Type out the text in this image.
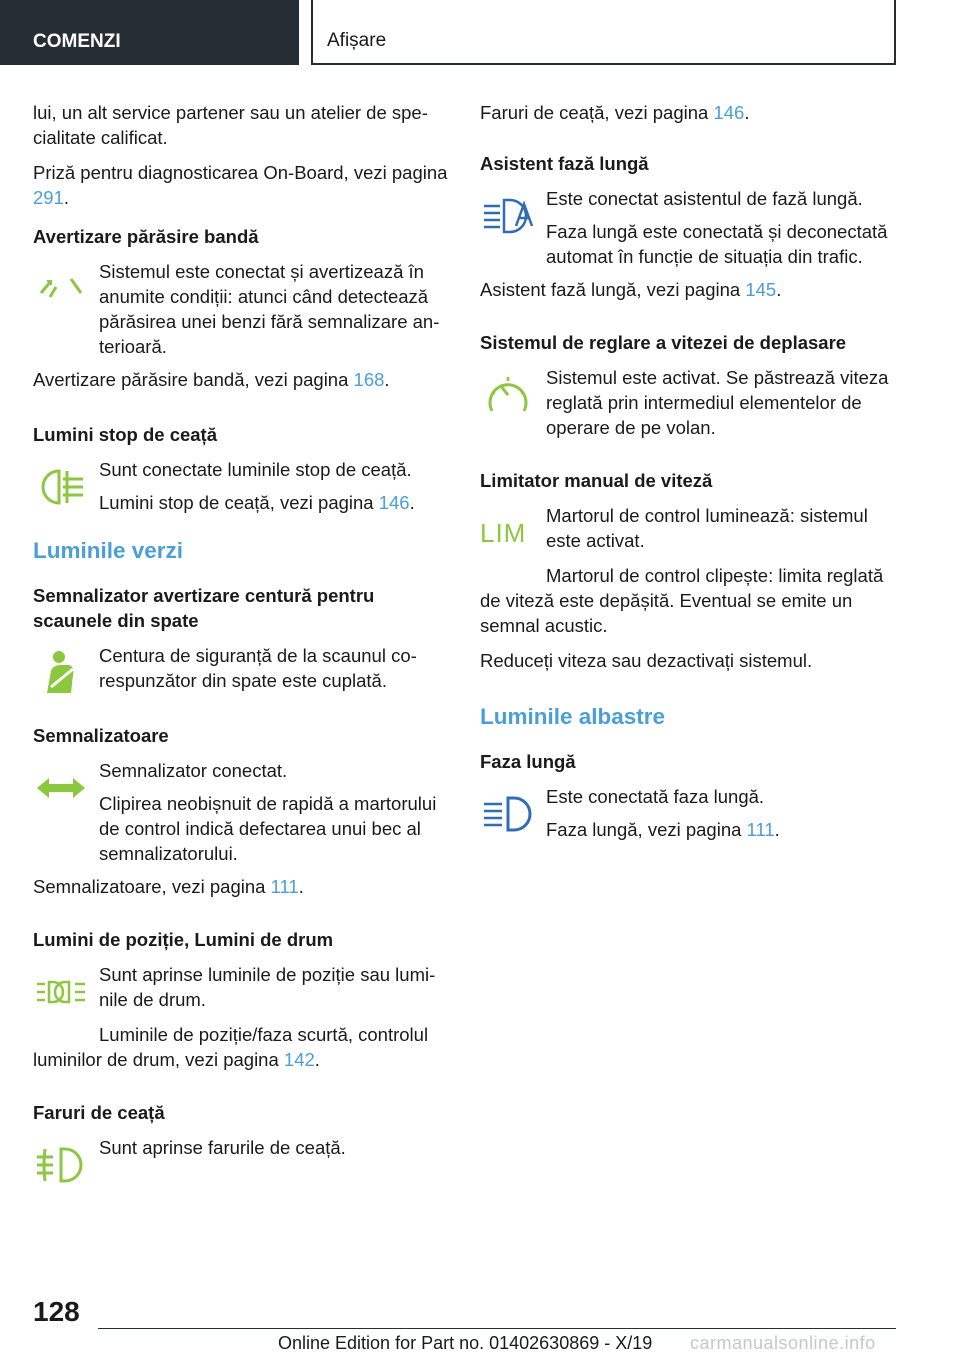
COMENZI	Afișare

lui, un alt service partener sau un atelier de specialitate calificat.

Priză pentru diagnosticarea On-Board, vezi pagina 291.

Avertizare părăsire bandă

Sistemul este conectat și avertizează în anumite condiții: atunci când detectează părăsirea unei benzi fără semnalizare anterioară.

Avertizare părăsire bandă, vezi pagina 168.

Lumini stop de ceață

Sunt conectate luminile stop de ceață.

Lumini stop de ceață, vezi pagina 146.

Luminile verzi
Semnalizator avertizare centură pentru scaunele din spate

Centura de siguranță de la scaunul corespunzător din spate este cuplată.

Semnalizatoare

Semnalizator conectat.

Clipirea neobișnuit de rapidă a martorului de control indică defectarea unui bec al semnalizatorului.

Semnalizatoare, vezi pagina 111.

Lumini de poziție, Lumini de drum

Sunt aprinse luminile de poziție sau luminile de drum.

Luminile de poziție/faza scurtă, controlul luminilor de drum, vezi pagina 142.

Faruri de ceață

Sunt aprinse farurile de ceață.

Faruri de ceață, vezi pagina 146.

Asistent fază lungă

Este conectat asistentul de fază lungă.

Faza lungă este conectată și deconectată automat în funcție de situația din trafic.

Asistent fază lungă, vezi pagina 145.

Sistemul de reglare a vitezei de deplasare

Sistemul este activat. Se păstrează viteza reglată prin intermediul elementelor de operare de pe volan.

Limitator manual de viteză
LIM

Martorul de control luminează: sistemul este activat.

Martorul de control clipește: limita reglată de viteză este depășită. Eventual se emite un semnal acustic.

Reduceți viteza sau dezactivați sistemul.

Luminile albastre
Faza lungă

Este conectată faza lungă.

Faza lungă, vezi pagina 111.

128
Online Edition for Part no. 01402630869 - X/19 carmanualsonline.info
